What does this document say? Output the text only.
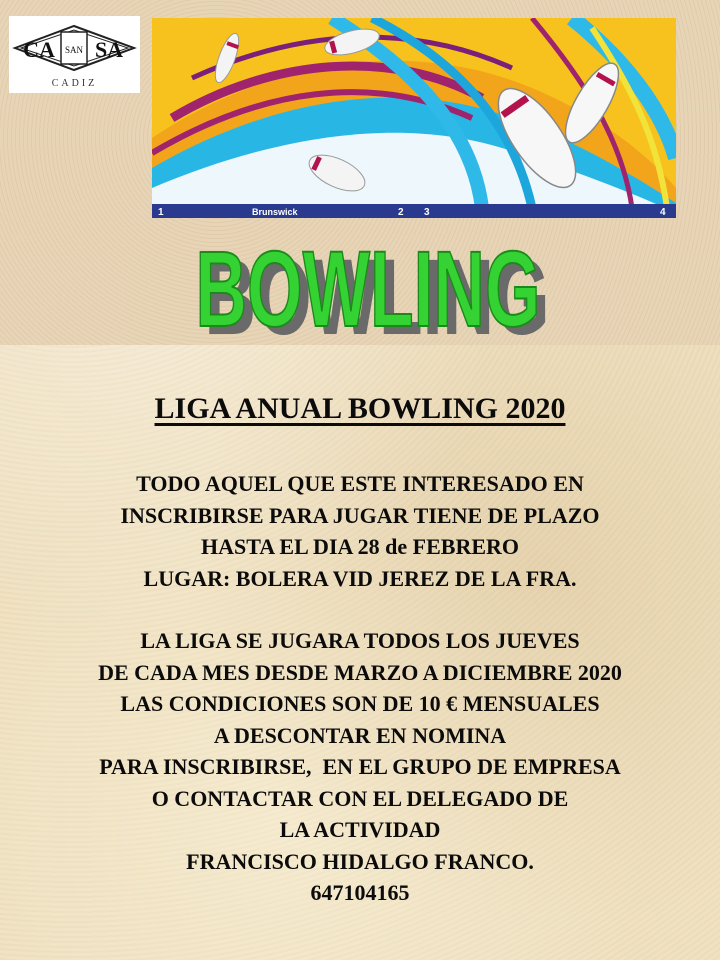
CA SA
SAN
CADIZ
1	Brunswick	2 3	4
BOWLING
BOWLING
LIGA ANUAL BOWLING 2020
TODO AQUEL QUE ESTE INTERESADO EN
INSCRIBIRSE PARA JUGAR TIENE DE PLAZO
HASTA EL DIA 28 de FEBRERO
LUGAR: BOLERA VID JEREZ DE LA FRA.
LA LIGA SE JUGARA TODOS LOS JUEVES
DE CADA MES DESDE MARZO A DICIEMBRE 2020
LAS CONDICIONES SON DE 10 € MENSUALES
A DESCONTAR EN NOMINA
PARA INSCRIBIRSE,  EN EL GRUPO DE EMPRESA
O CONTACTAR CON EL DELEGADO DE
LA ACTIVIDAD
FRANCISCO HIDALGO FRANCO.
647104165
